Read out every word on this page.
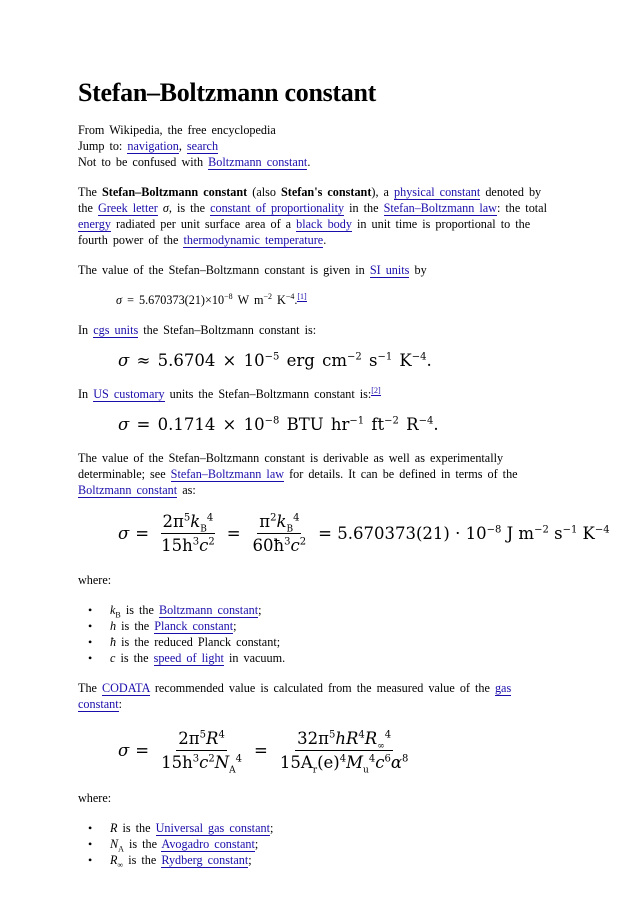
Stefan–Boltzmann constant

From Wikipedia, the free encyclopedia

Jump to: navigation, search

Not to be confused with Boltzmann constant.

The Stefan–Boltzmann constant (also Stefan's constant), a physical constant denoted by the Greek letter σ, is the constant of proportionality in the Stefan–Boltzmann law: the total energy radiated per unit surface area of a black body in unit time is proportional to the fourth power of the thermodynamic temperature.

The value of the Stefan–Boltzmann constant is given in SI units by

$\sigma = 5.670373(21)\times 10^{-8}$ W $m^{-2}$ $K^{-4}.[1]$

In cgs units the Stefan–Boltzmann constant is:

$\sigma \approx 5.6704 \times 10^{-5}$ erg $cm^{-2}$ $s^{-1}$ $K^{-4}$.

In US customary units the Stefan–Boltzmann constant is:[2]

$\sigma = 0.1714 \times 10^{-8}$ BTU $hr^{-1}$ $ft^{-2}$ $R^{-4}$.

The value of the Stefan–Boltzmann constant is derivable as well as experimentally determinable; see Stefan–Boltzmann law for details. It can be defined in terms of the Boltzmann constant as:

$\sigma = \frac{2\pi^5k_B^4}{15h^3c^2} = \frac{\pi^2k_B^4}{60ħ^3c^2} = 5.670373(21) \cdot 10^{-8}$ J $m^{-2}$ $s^{-1}$ $K^{-4}$

where:

• $k_B$ is the Boltzmann constant;
• h is the Planck constant;
• ħ is the reduced Planck constant;
• c is the speed of light in vacuum.

The CODATA recommended value is calculated from the measured value of the gas constant:

$\sigma = \frac{2\pi^5R^4}{15h^3c^2N_A^4} = \frac{32\pi^5hR^4R_\infty^4}{15A_r(e)^4M_u^4c^6\alpha^8}$

where:

• R is the Universal gas constant;
• $N_A$ is the Avogadro constant;
• $R_\infty$ is the Rydberg constant;
